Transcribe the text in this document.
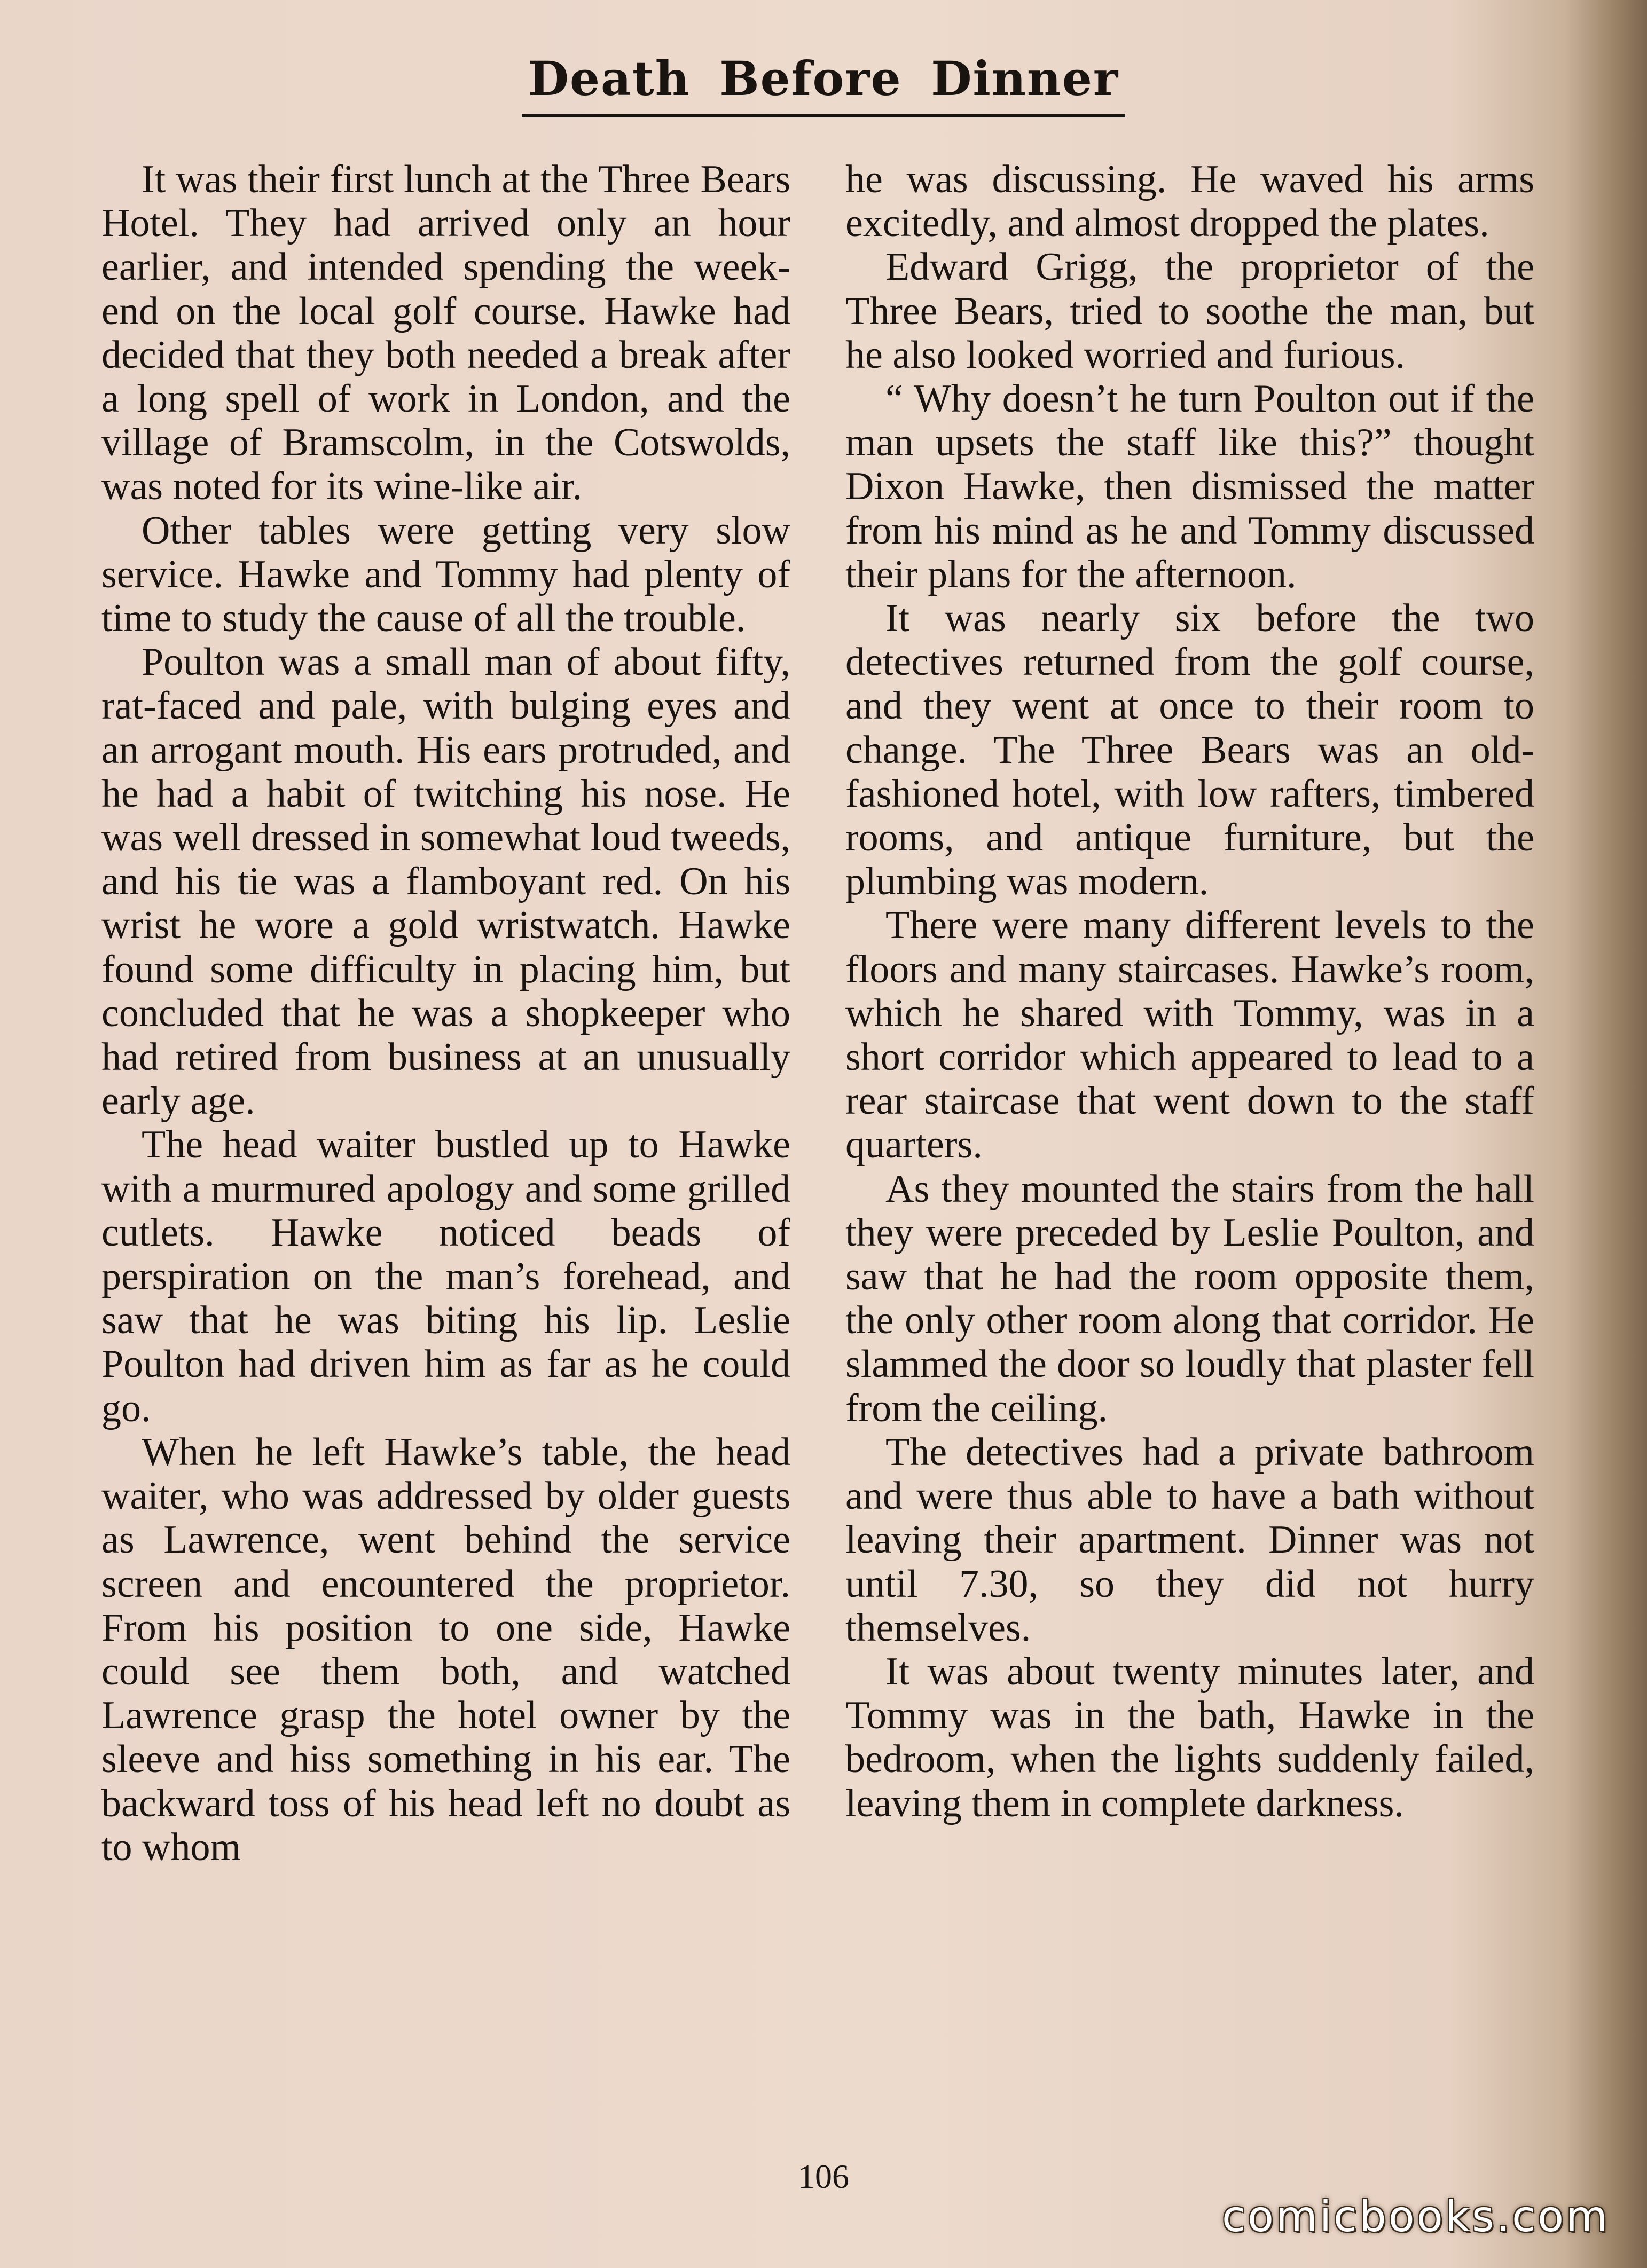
Death Before Dinner

It was their first lunch at the Three Bears Hotel. They had arrived only an hour earlier, and intended spending the week-end on the local golf course. Hawke had decided that they both needed a break after a long spell of work in London, and the village of Bramscolm, in the Cotswolds, was noted for its wine-like air.

Other tables were getting very slow service. Hawke and Tommy had plenty of time to study the cause of all the trouble.

Poulton was a small man of about fifty, rat-faced and pale, with bulging eyes and an arrogant mouth. His ears protruded, and he had a habit of twitching his nose. He was well dressed in somewhat loud tweeds, and his tie was a flamboyant red. On his wrist he wore a gold wristwatch. Hawke found some difficulty in placing him, but concluded that he was a shopkeeper who had retired from business at an unusually early age.

The head waiter bustled up to Hawke with a murmured apology and some grilled cutlets. Hawke noticed beads of perspiration on the man’s forehead, and saw that he was biting his lip. Leslie Poulton had driven him as far as he could go.

When he left Hawke’s table, the head waiter, who was addressed by older guests as Lawrence, went behind the service screen and encountered the proprietor. From his position to one side, Hawke could see them both, and watched Lawrence grasp the hotel owner by the sleeve and hiss something in his ear. The backward toss of his head left no doubt as to whom

he was discussing. He waved his arms excitedly, and almost dropped the plates.

Edward Grigg, the proprietor of the Three Bears, tried to soothe the man, but he also looked worried and furious.

“ Why doesn’t he turn Poulton out if the man upsets the staff like this?” thought Dixon Hawke, then dismissed the matter from his mind as he and Tommy discussed their plans for the afternoon.

It was nearly six before the two detectives returned from the golf course, and they went at once to their room to change. The Three Bears was an old-fashioned hotel, with low rafters, timbered rooms, and antique furniture, but the plumbing was modern.

There were many different levels to the floors and many staircases. Hawke’s room, which he shared with Tommy, was in a short corridor which appeared to lead to a rear staircase that went down to the staff quarters.

As they mounted the stairs from the hall they were preceded by Leslie Poulton, and saw that he had the room opposite them, the only other room along that corridor. He slammed the door so loudly that plaster fell from the ceiling.

The detectives had a private bathroom and were thus able to have a bath without leaving their apartment. Dinner was not until 7.30, so they did not hurry themselves.

It was about twenty minutes later, and Tommy was in the bath, Hawke in the bedroom, when the lights suddenly failed, leaving them in complete darkness.

106
comicbooks.com
